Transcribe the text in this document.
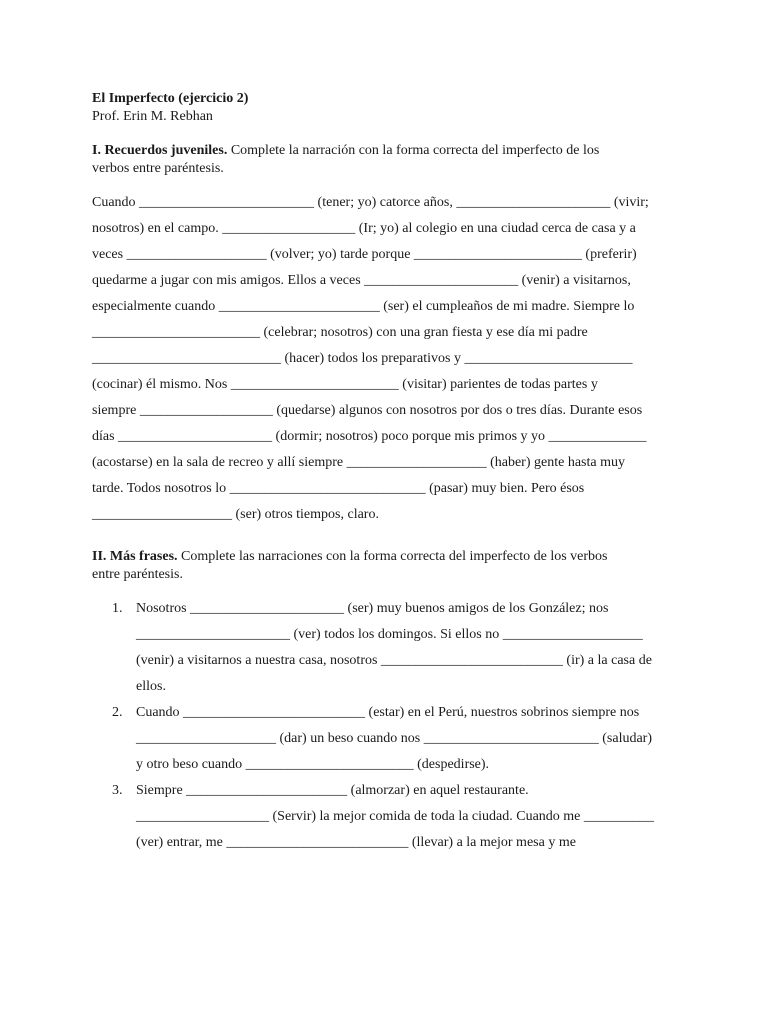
El Imperfecto (ejercicio 2)

Prof. Erin M. Rebhan

I. Recuerdos juveniles. Complete la narración con la forma correcta del imperfecto de los
verbos entre paréntesis.

Cuando _________________________ (tener; yo) catorce años, ______________________ (vivir;

nosotros) en el campo. ___________________ (Ir; yo) al colegio en una ciudad cerca de casa y a

veces ____________________ (volver; yo) tarde porque ________________________ (preferir)

quedarme a jugar con mis amigos. Ellos a veces ______________________ (venir) a visitarnos,

especialmente cuando _______________________ (ser) el cumpleaños de mi madre. Siempre lo

________________________ (celebrar; nosotros) con una gran fiesta y ese día mi padre

___________________________ (hacer) todos los preparativos y ________________________

(cocinar) él mismo. Nos ________________________ (visitar) parientes de todas partes y

siempre ___________________ (quedarse) algunos con nosotros por dos o tres días. Durante esos

días ______________________ (dormir; nosotros) poco porque mis primos y yo ______________

(acostarse) en la sala de recreo y allí siempre ____________________ (haber) gente hasta muy

tarde. Todos nosotros lo ____________________________ (pasar) muy bien. Pero ésos

____________________ (ser) otros tiempos, claro.

II. Más frases. Complete las narraciones con la forma correcta del imperfecto de los verbos
entre paréntesis.
1. Nosotros ______________________ (ser) muy buenos amigos de los González; nos

______________________ (ver) todos los domingos. Si ellos no ____________________

(venir) a visitarnos a nuestra casa, nosotros __________________________ (ir) a la casa de

ellos.

2. Cuando __________________________ (estar) en el Perú, nuestros sobrinos siempre nos

____________________ (dar) un beso cuando nos _________________________ (saludar)

y otro beso cuando ________________________ (despedirse).

3. Siempre _______________________ (almorzar) en aquel restaurante.

___________________ (Servir) la mejor comida de toda la ciudad. Cuando me __________

(ver) entrar, me __________________________ (llevar) a la mejor mesa y me
